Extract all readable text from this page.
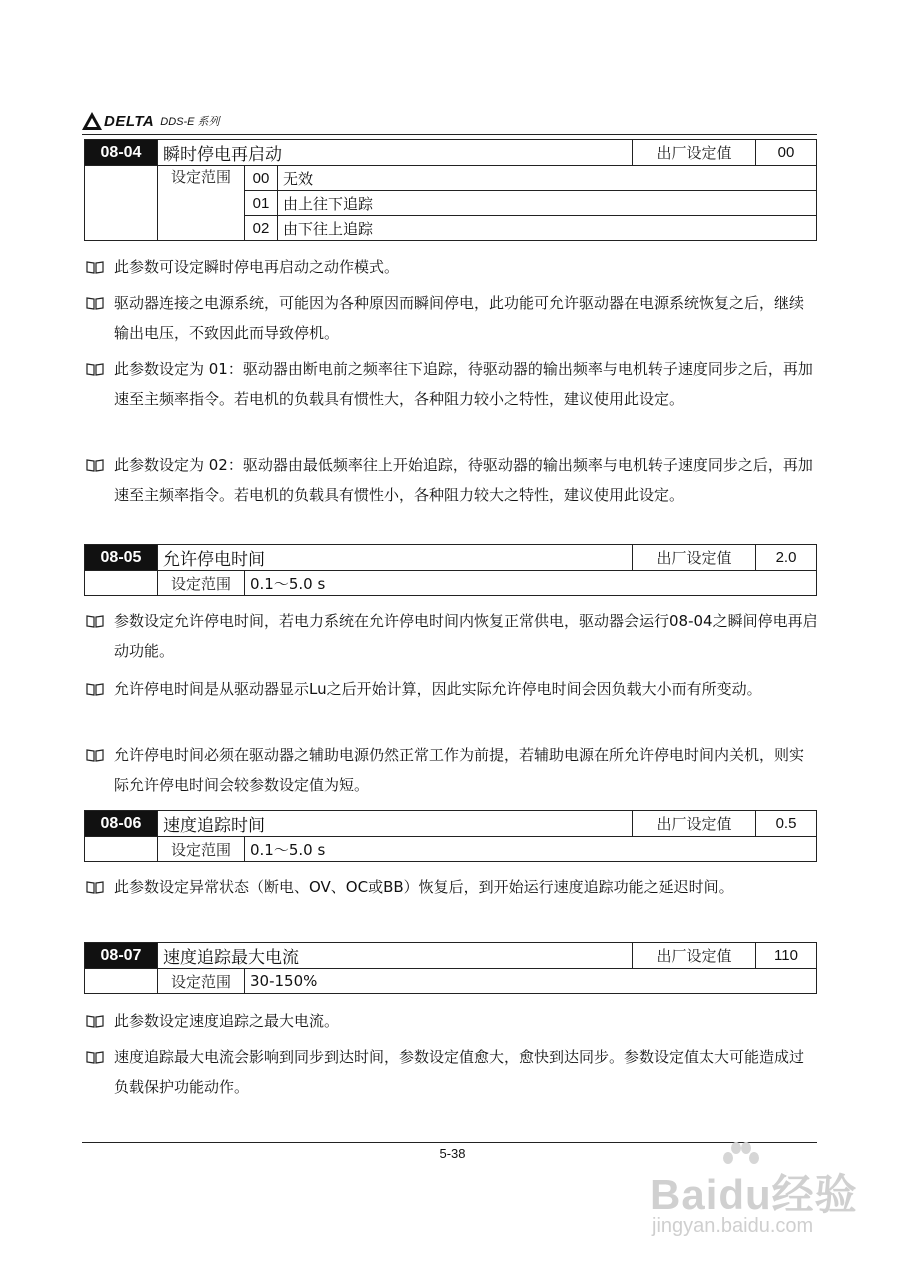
DELTA DDS-E 系列
08-04	瞬时停电再启动			出厂设定值	00
	设定范围	00	无效		
		01	由上往下追踪		
		02	由下往上追踪		
此参数可设定瞬时停电再启动之动作模式。
驱动器连接之电源系统，可能因为各种原因而瞬间停电，此功能可允许驱动器在电源系统恢复之后，继续输出电压，不致因此而导致停机。
此参数设定为 01：驱动器由断电前之频率往下追踪，待驱动器的输出频率与电机转子速度同步之后，再加速至主频率指令。若电机的负载具有惯性大，各种阻力较小之特性，建议使用此设定。
此参数设定为 02：驱动器由最低频率往上开始追踪，待驱动器的输出频率与电机转子速度同步之后，再加速至主频率指令。若电机的负载具有惯性小，各种阻力较大之特性，建议使用此设定。
08-05	允许停电时间		出厂设定值	2.0
	设定范围	0.1～5.0 s		
参数设定允许停电时间，若电力系统在允许停电时间内恢复正常供电，驱动器会运行08-04之瞬间停电再启动功能。
允许停电时间是从驱动器显示Lu之后开始计算，因此实际允许停电时间会因负载大小而有所变动。
允许停电时间必须在驱动器之辅助电源仍然正常工作为前提，若辅助电源在所允许停电时间内关机，则实际允许停电时间会较参数设定值为短。
08-06	速度追踪时间		出厂设定值	0.5
	设定范围	0.1～5.0 s		
此参数设定异常状态（断电、OV、OC或BB）恢复后，到开始运行速度追踪功能之延迟时间。
08-07	速度追踪最大电流		出厂设定值	110
	设定范围	30-150%		
此参数设定速度追踪之最大电流。
速度追踪最大电流会影响到同步到达时间，参数设定值愈大，愈快到达同步。参数设定值太大可能造成过负载保护功能动作。
5-38
Baidu经验
jingyan.baidu.com
